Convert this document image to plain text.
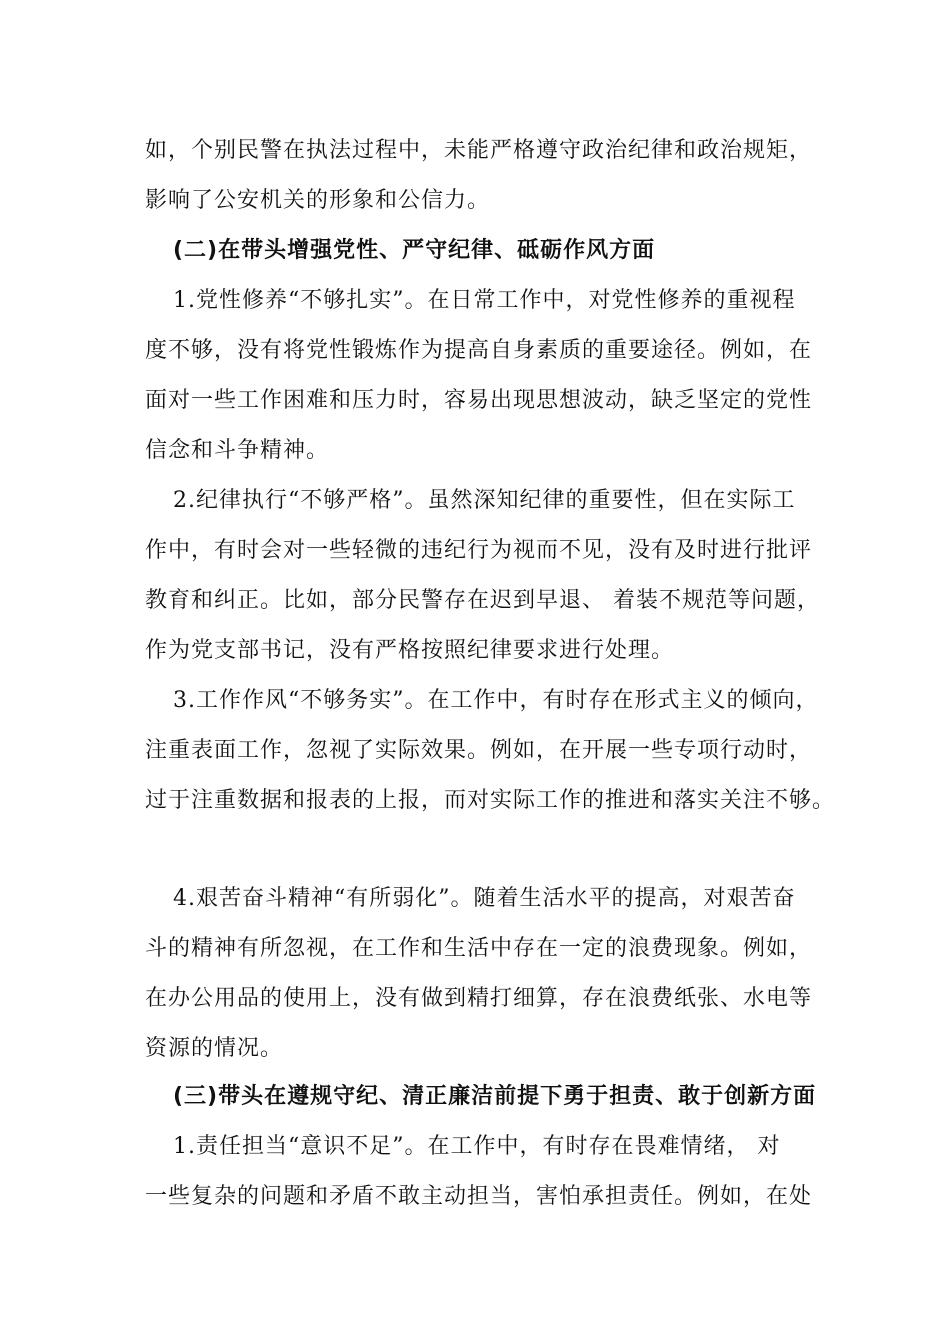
如，个别民警在执法过程中，未能严格遵守政治纪律和政治规矩，
影响了公安机关的形象和公信力。
(二)在带头增强党性、严守纪律、砥砺作风方面
1.党性修养“不够扎实”。在日常工作中，对党性修养的重视程
度不够，没有将党性锻炼作为提高自身素质的重要途径。例如，在
面对一些工作困难和压力时，容易出现思想波动，缺乏坚定的党性
信念和斗争精神。
2.纪律执行“不够严格”。虽然深知纪律的重要性，但在实际工
作中，有时会对一些轻微的违纪行为视而不见，没有及时进行批评
教育和纠正。比如，部分民警存在迟到早退、 着装不规范等问题，
作为党支部书记，没有严格按照纪律要求进行处理。
3.工作作风“不够务实”。在工作中，有时存在形式主义的倾向，
注重表面工作，忽视了实际效果。例如，在开展一些专项行动时，
过于注重数据和报表的上报，而对实际工作的推进和落实关注不够。
4.艰苦奋斗精神“有所弱化”。随着生活水平的提高，对艰苦奋
斗的精神有所忽视，在工作和生活中存在一定的浪费现象。例如，
在办公用品的使用上，没有做到精打细算，存在浪费纸张、水电等
资源的情况。
(三)带头在遵规守纪、清正廉洁前提下勇于担责、敢于创新方面
1.责任担当“意识不足”。在工作中，有时存在畏难情绪， 对
一些复杂的问题和矛盾不敢主动担当，害怕承担责任。例如，在处
